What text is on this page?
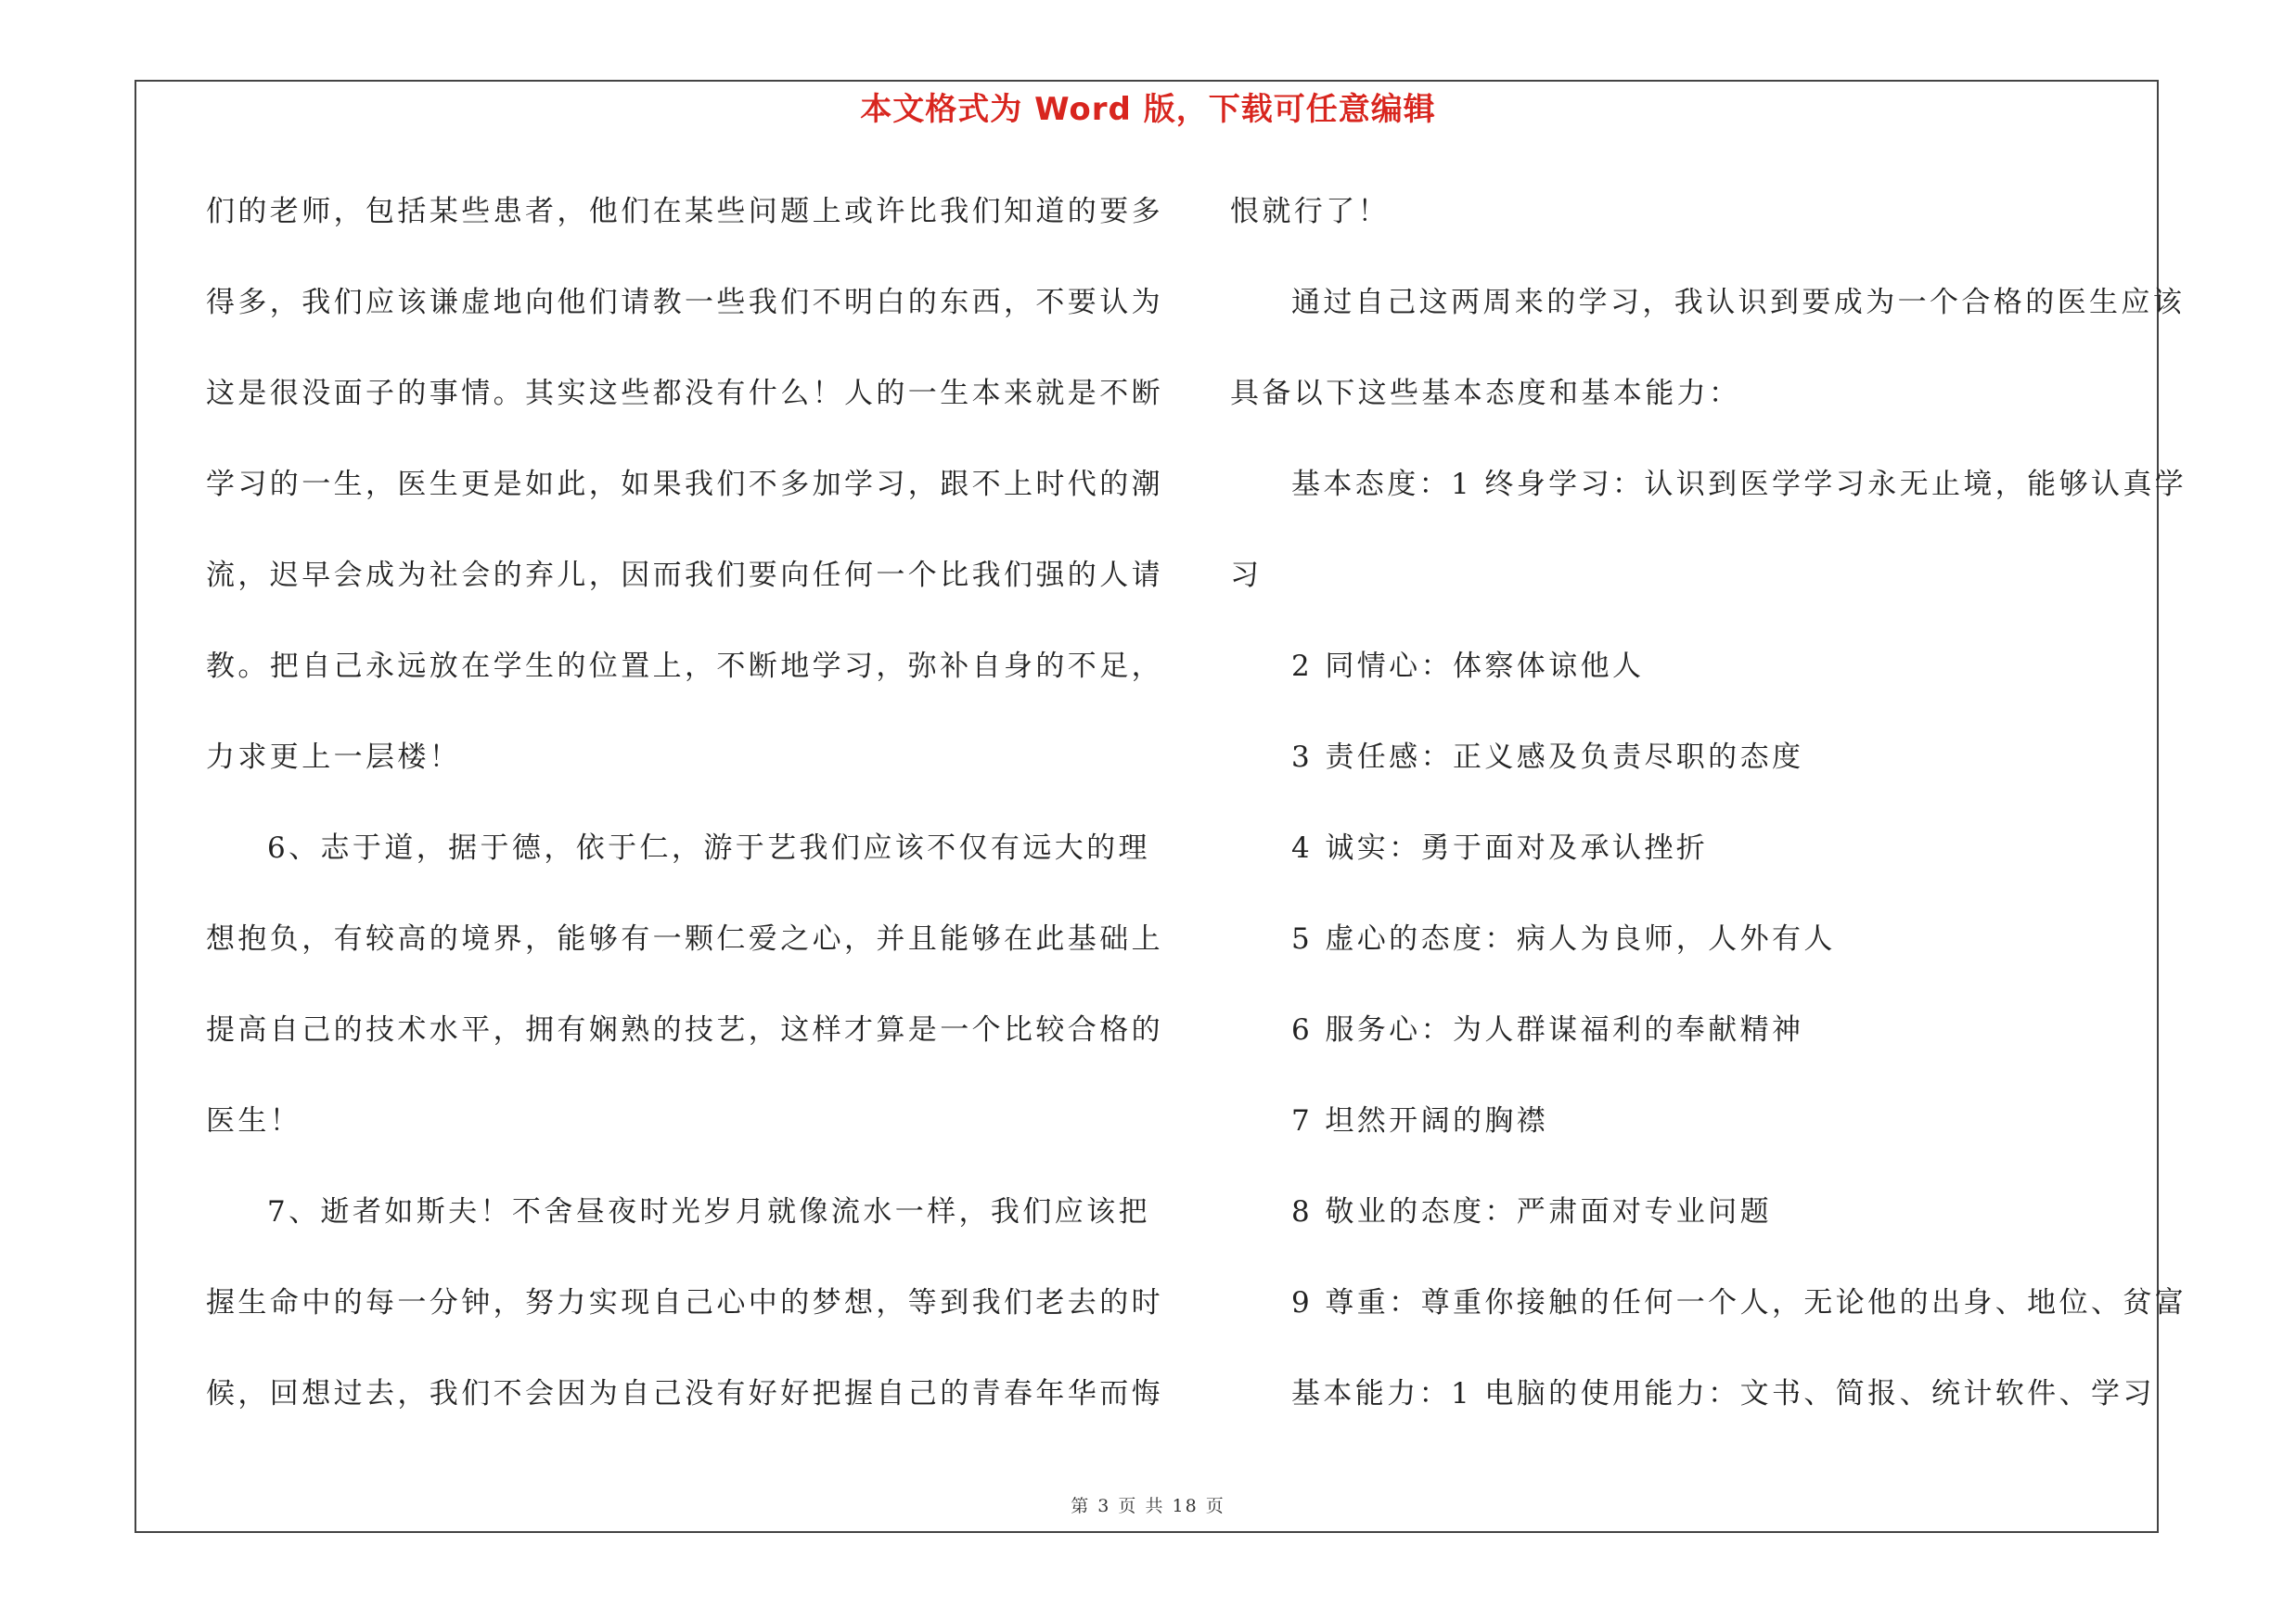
本文格式为 Word 版，下载可任意编辑
们的老师，包括某些患者，他们在某些问题上或许比我们知道的要多
得多，我们应该谦虚地向他们请教一些我们不明白的东西，不要认为
这是很没面子的事情。其实这些都没有什么！人的一生本来就是不断
学习的一生，医生更是如此，如果我们不多加学习，跟不上时代的潮
流，迟早会成为社会的弃儿，因而我们要向任何一个比我们强的人请
教。把自己永远放在学生的位置上，不断地学习，弥补自身的不足，
力求更上一层楼！
6、志于道，据于德，依于仁，游于艺我们应该不仅有远大的理
想抱负，有较高的境界，能够有一颗仁爱之心，并且能够在此基础上
提高自己的技术水平，拥有娴熟的技艺，这样才算是一个比较合格的
医生！
7、逝者如斯夫！不舍昼夜时光岁月就像流水一样，我们应该把
握生命中的每一分钟，努力实现自己心中的梦想，等到我们老去的时
候，回想过去，我们不会因为自己没有好好把握自己的青春年华而悔
恨就行了！
通过自己这两周来的学习，我认识到要成为一个合格的医生应该
具备以下这些基本态度和基本能力：
基本态度：1 终身学习：认识到医学学习永无止境，能够认真学
习
2 同情心：体察体谅他人
3 责任感：正义感及负责尽职的态度
4 诚实：勇于面对及承认挫折
5 虚心的态度：病人为良师，人外有人
6 服务心：为人群谋福利的奉献精神
7 坦然开阔的胸襟
8 敬业的态度：严肃面对专业问题
9 尊重：尊重你接触的任何一个人，无论他的出身、地位、贫富
基本能力：1 电脑的使用能力：文书、简报、统计软件、学习
第 3 页 共 18 页
